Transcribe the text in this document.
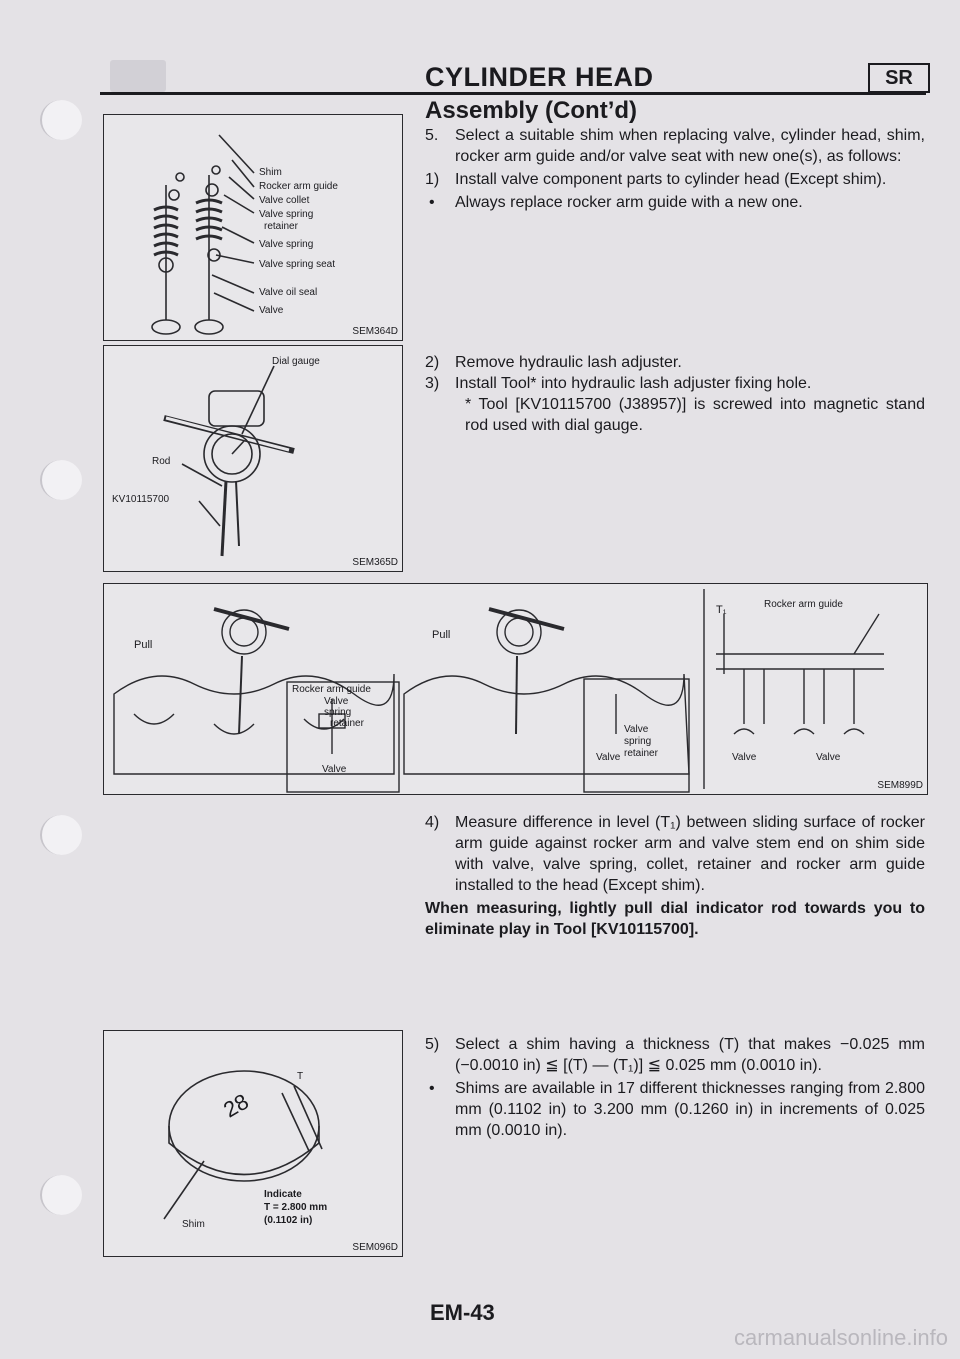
CYLINDER HEAD	SR
Assembly (Cont’d)
Shim
Rocker arm guide
Valve collet
Valve spring
retainer
Valve spring
Valve spring seat
Valve oil seal
Valve
SEM364D
Dial gauge
Rod
KV10115700
SEM365D
Pull
Pull
Rocker arm guide
Valve
spring
retainer
Valve
Valve
spring
retainer
Valve
T₁	Rocker arm guide
Valve	Valve
SEM899D
28
T
Shim
Indicate
T = 2.800 mm
(0.1102 in)
SEM096D
5. Select a suitable shim when replacing valve, cylinder head, shim, rocker arm guide and/or valve seat with new one(s), as follows:
1) Install valve component parts to cylinder head (Except shim).
• Always replace rocker arm guide with a new one.
2) Remove hydraulic lash adjuster.
3) Install Tool* into hydraulic lash adjuster fixing hole.
* Tool [KV10115700 (J38957)] is screwed into magnetic stand rod used with dial gauge.
4) Measure difference in level (T₁) between sliding surface of rocker arm guide against rocker arm and valve stem end on shim side with valve, valve spring, collet, retainer and rocker arm guide installed to the head (Except shim).
When measuring, lightly pull dial indicator rod towards you to eliminate play in Tool [KV10115700].
5) Select a shim having a thickness (T) that makes −0.025 mm (−0.0010 in) ≦ [(T) — (T₁)] ≦ 0.025 mm (0.0010 in).
• Shims are available in 17 different thicknesses ranging from 2.800 mm (0.1102 in) to 3.200 mm (0.1260 in) in increments of 0.025 mm (0.0010 in).
EM-43
carmanualsonline.info
